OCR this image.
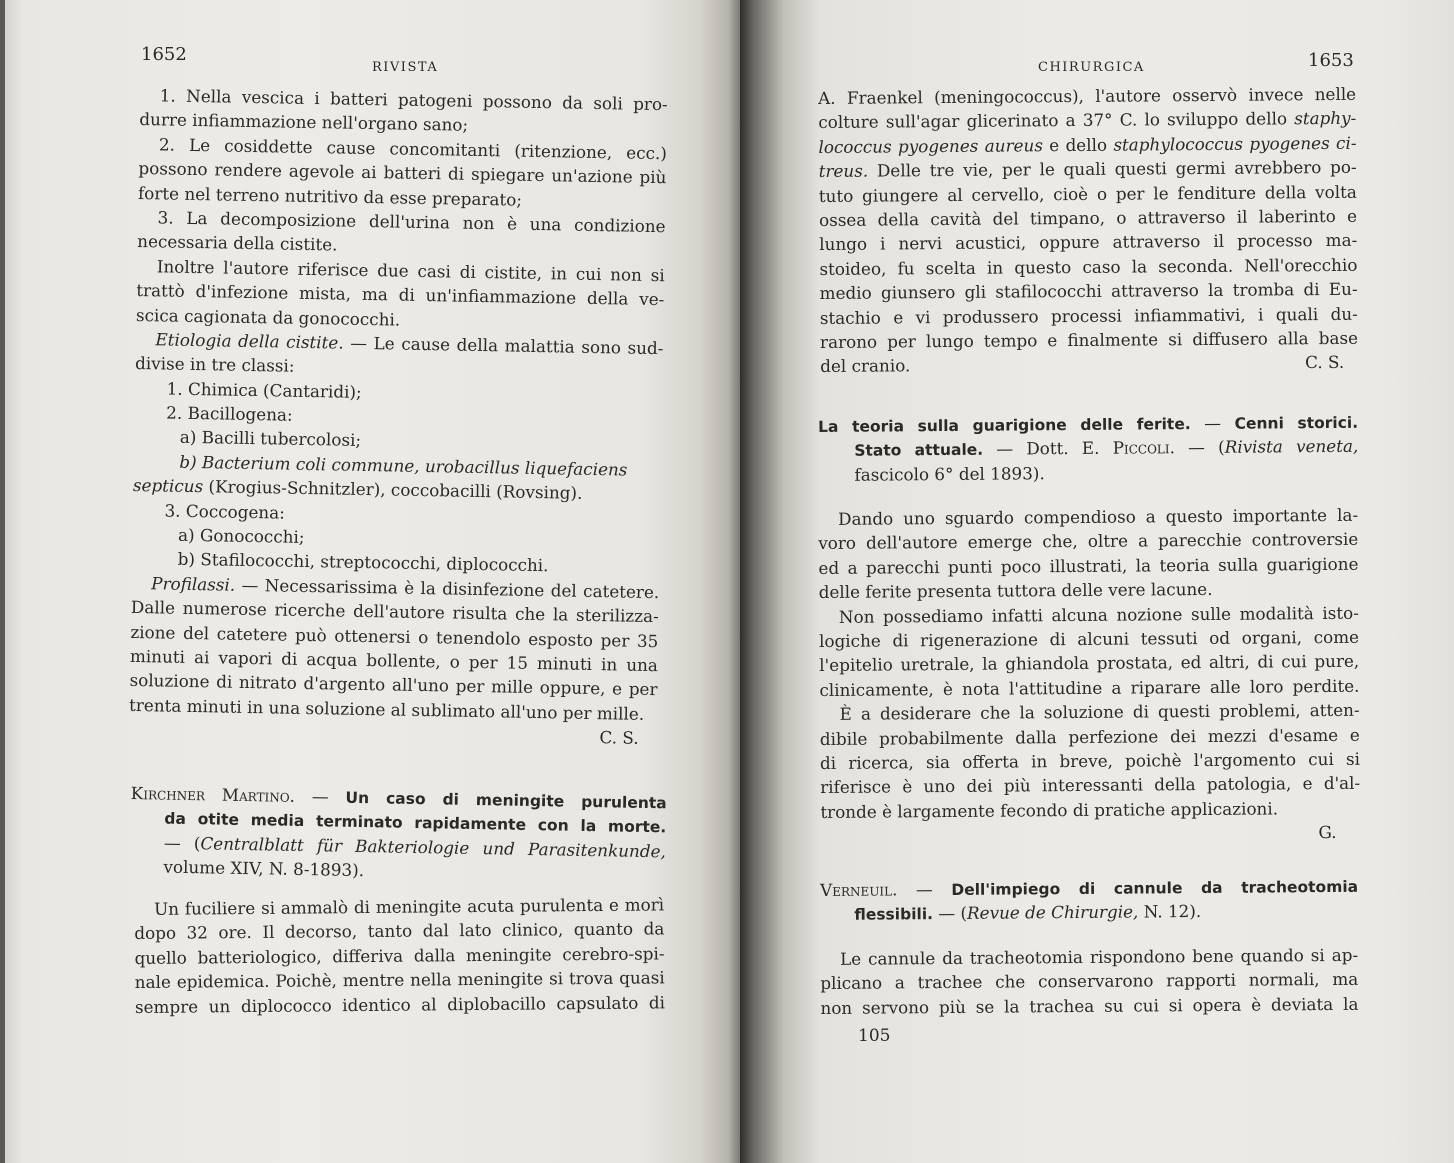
1652
RIVISTA
1. Nella vescica i batteri patogeni possono da soli pro-
durre infiammazione nell'organo sano;
2. Le cosiddette cause concomitanti (ritenzione, ecc.)
possono rendere agevole ai batteri di spiegare un'azione più
forte nel terreno nutritivo da esse preparato;
3. La decomposizione dell'urina non è una condizione
necessaria della cistite.
Inoltre l'autore riferisce due casi di cistite, in cui non si
trattò d'infezione mista, ma di un'infiammazione della ve-
scica cagionata da gonococchi.
Etiologia della cistite. — Le cause della malattia sono sud-
divise in tre classi:
1. Chimica (Cantaridi);
2. Bacillogena:
a) Bacilli tubercolosi;
b) Bacterium coli commune, urobacillus liquefaciens
septicus (Krogius-Schnitzler), coccobacilli (Rovsing).
3. Coccogena:
a) Gonococchi;
b) Stafilococchi, streptococchi, diplococchi.
Profilassi. — Necessarissima è la disinfezione del catetere.
Dalle numerose ricerche dell'autore risulta che la sterilizza-
zione del catetere può ottenersi o tenendolo esposto per 35
minuti ai vapori di acqua bollente, o per 15 minuti in una
soluzione di nitrato d'argento all'uno per mille oppure, e per
trenta minuti in una soluzione al sublimato all'uno per mille.
C. S.
Kirchner Martino. — Un caso di meningite purulenta
da otite media terminato rapidamente con la morte.
— (Centralblatt für Bakteriologie und Parasitenkunde,
volume XIV, N. 8-1893).
Un fuciliere si ammalò di meningite acuta purulenta e morì
dopo 32 ore. Il decorso, tanto dal lato clinico, quanto da
quello batteriologico, differiva dalla meningite cerebro-spi-
nale epidemica. Poichè, mentre nella meningite si trova quasi
sempre un diplococco identico al diplobacillo capsulato di
CHIRURGICA	1653
A. Fraenkel (meningococcus), l'autore osservò invece nelle
colture sull'agar glicerinato a 37° C. lo sviluppo dello staphy-
lococcus pyogenes aureus e dello staphylococcus pyogenes ci-
treus. Delle tre vie, per le quali questi germi avrebbero po-
tuto giungere al cervello, cioè o per le fenditure della volta
ossea della cavità del timpano, o attraverso il laberinto e
lungo i nervi acustici, oppure attraverso il processo ma-
stoideo, fu scelta in questo caso la seconda. Nell'orecchio
medio giunsero gli stafilococchi attraverso la tromba di Eu-
stachio e vi produssero processi infiammativi, i quali du-
rarono per lungo tempo e finalmente si diffusero alla base
del cranio.	C. S.
La teoria sulla guarigione delle ferite. — Cenni storici.
Stato attuale. — Dott. E. Piccoli. — (Rivista veneta,
fascicolo 6° del 1893).
Dando uno sguardo compendioso a questo importante la-
voro dell'autore emerge che, oltre a parecchie controversie
ed a parecchi punti poco illustrati, la teoria sulla guarigione
delle ferite presenta tuttora delle vere lacune.
Non possediamo infatti alcuna nozione sulle modalità isto-
logiche di rigenerazione di alcuni tessuti od organi, come
l'epitelio uretrale, la ghiandola prostata, ed altri, di cui pure,
clinicamente, è nota l'attitudine a riparare alle loro perdite.
È a desiderare che la soluzione di questi problemi, atten-
dibile probabilmente dalla perfezione dei mezzi d'esame e
di ricerca, sia offerta in breve, poichè l'argomento cui si
riferisce è uno dei più interessanti della patologia, e d'al-
tronde è largamente fecondo di pratiche applicazioni.
G.
Verneuil. — Dell'impiego di cannule da tracheotomia
flessibili. — (Revue de Chirurgie, N. 12).
Le cannule da tracheotomia rispondono bene quando si ap-
plicano a trachee che conservarono rapporti normali, ma
non servono più se la trachea su cui si opera è deviata la
105
